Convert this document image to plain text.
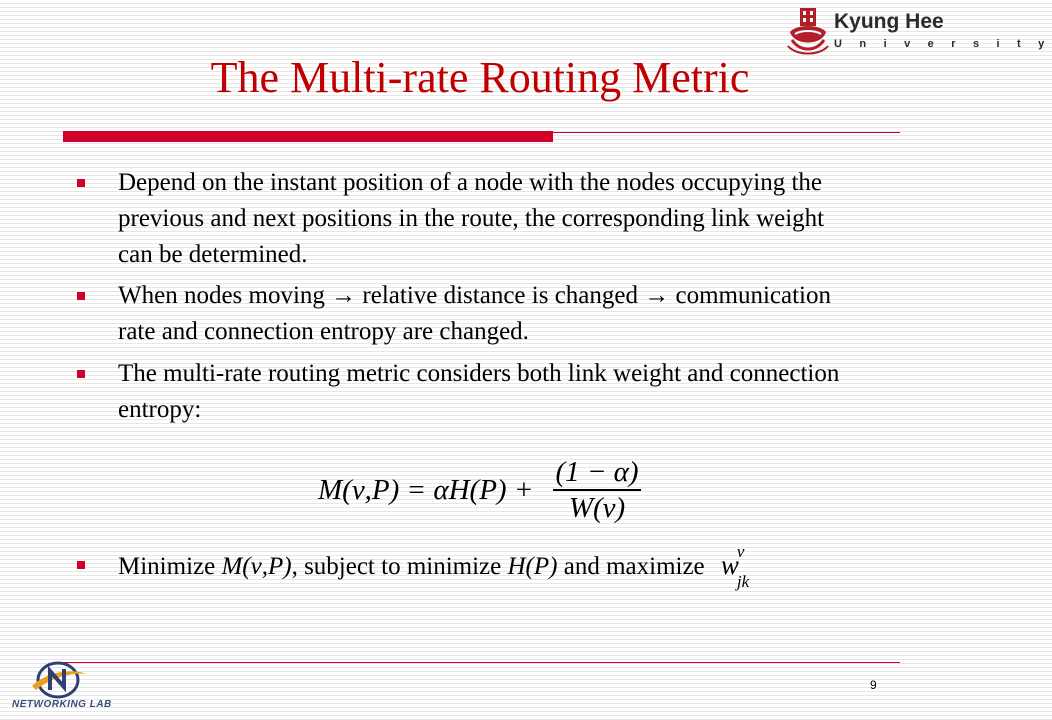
Kyung Hee
U n i v e r s i t y
The Multi-rate Routing Metric
Depend on the instant position of a node with the nodes occupying the previous and next positions in the route, the corresponding link weight can be determined.
When nodes moving → relative distance is changed → communication rate and connection entropy are changed.
The multi-rate routing metric considers both link weight and connection entropy:
M(ν,P) = αH(P) +
(1 − α)
W(ν)
Minimize M(ν,P), subject to minimize H(P) and maximize w
ν
jk
NETWORKING LAB
9
